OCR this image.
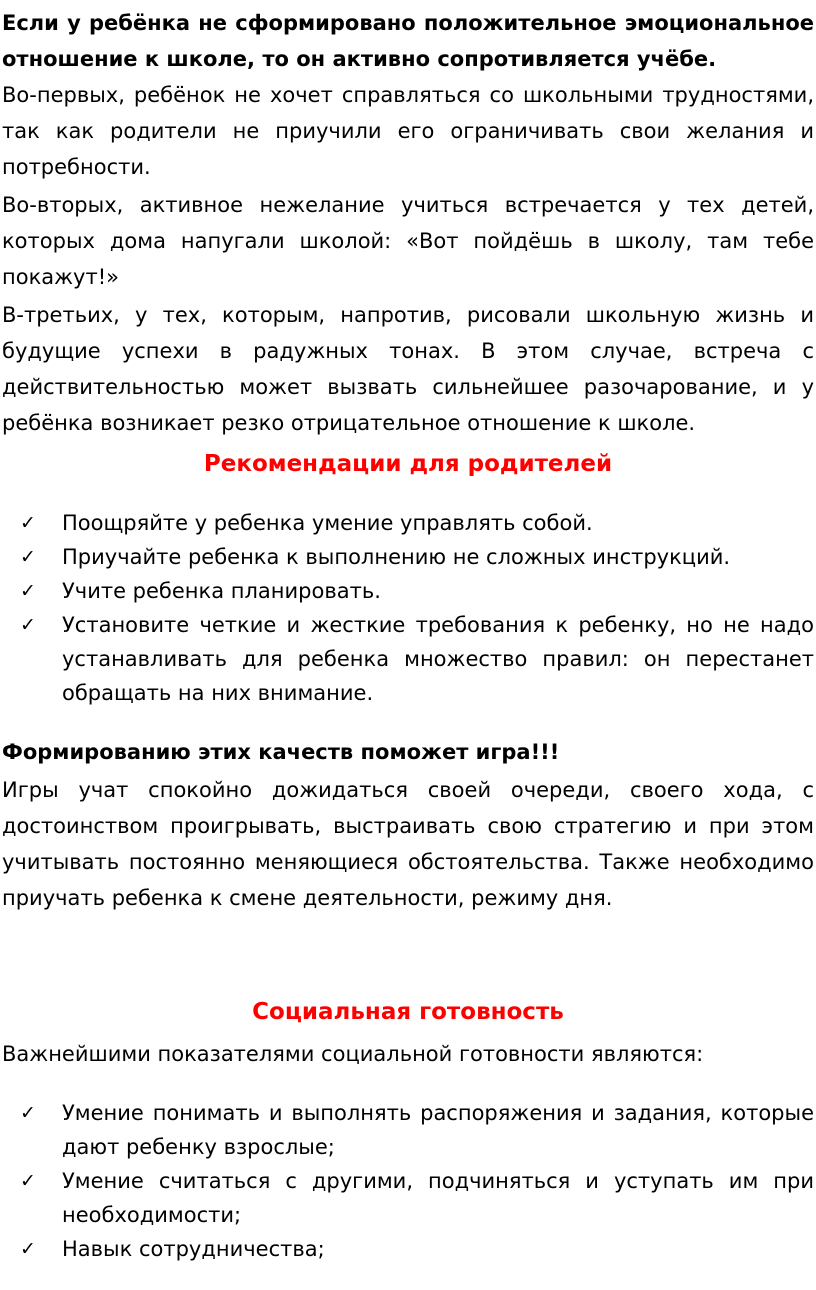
Если у ребёнка не сформировано положительное эмоциональное отношение к школе, то он активно сопротивляется учёбе.

Во-первых, ребёнок не хочет справляться со школьными трудностями, так как родители не приучили его ограничивать свои желания и потребности.

Во-вторых, активное нежелание учиться встречается у тех детей, которых дома напугали школой: «Вот пойдёшь в школу, там тебе покажут!»

В-третьих, у тех, которым, напротив, рисовали школьную жизнь и будущие успехи в радужных тонах. В этом случае, встреча с действительностью может вызвать сильнейшее разочарование, и у ребёнка возникает резко отрицательное отношение к школе.

Рекомендации для родителей
✓ Поощряйте у ребенка умение управлять собой.
✓ Приучайте ребенка к выполнению не сложных инструкций.
✓ Учите ребенка планировать.
✓ Установите четкие и жесткие требования к ребенку, но не надо устанавливать для ребенка множество правил: он перестанет обращать на них внимание.

Формированию этих качеств поможет игра!!!

Игры учат спокойно дожидаться своей очереди, своего хода, с достоинством проигрывать, выстраивать свою стратегию и при этом учитывать постоянно меняющиеся обстоятельства. Также необходимо приучать ребенка к смене деятельности, режиму дня.

Социальная готовность

Важнейшими показателями социальной готовности являются:

✓ Умение понимать и выполнять распоряжения и задания, которые дают ребенку взрослые;
✓ Умение считаться с другими, подчиняться и уступать им при необходимости;
✓ Навык сотрудничества;
